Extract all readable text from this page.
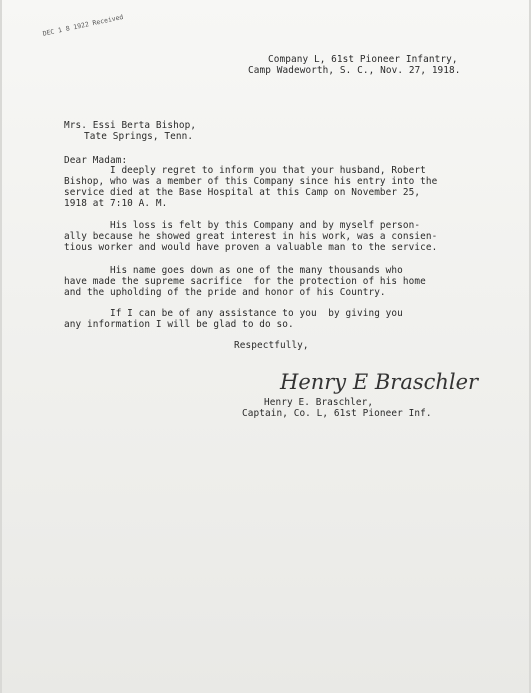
DEC 1 8 1922 Received
Company L, 61st Pioneer Infantry,
Camp Wadeworth, S. C., Nov. 27, 1918.
Mrs. Essi Berta Bishop,
Tate Springs, Tenn.
Dear Madam:
I deeply regret to inform you that your husband, Robert
Bishop, who was a member of this Company since his entry into the
service died at the Base Hospital at this Camp on November 25,
1918 at 7:10 A. M.
His loss is felt by this Company and by myself person-
ally because he showed great interest in his work, was a consien-
tious worker and would have proven a valuable man to the service.
His name goes down as one of the many thousands who
have made the supreme sacrifice  for the protection of his home
and the upholding of the pride and honor of his Country.
If I can be of any assistance to you  by giving you
any information I will be glad to do so.
Respectfully,
Henry E Braschler
Henry E. Braschler,
Captain, Co. L, 61st Pioneer Inf.
